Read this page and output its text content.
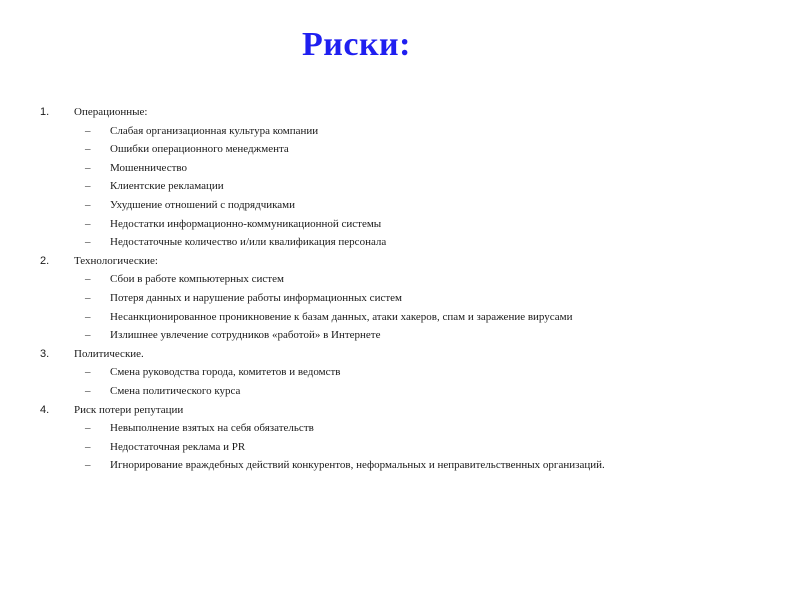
Риски:
1.	Операционные:
–	Слабая организационная культура компании
–	Ошибки операционного менеджмента
–	Мошенничество
–	Клиентские рекламации
–	Ухудшение отношений с подрядчиками
–	Недостатки информационно-коммуникационной системы
–	Недостаточные количество и/или квалификация персонала
2.	Технологические:
–	Сбои в работе компьютерных систем
–	Потеря данных и нарушение работы информационных систем
–	Несанкционированное проникновение к базам данных, атаки хакеров, спам и заражение вирусами
–	Излишнее увлечение сотрудников «работой» в Интернете
3.	Политические.
–	Смена руководства города, комитетов и ведомств
–	Смена политического курса
4.	Риск потери репутации
–	Невыполнение взятых на себя обязательств
–	Недостаточная реклама и PR
–	Игнорирование враждебных действий конкурентов, неформальных и неправительственных организаций.
